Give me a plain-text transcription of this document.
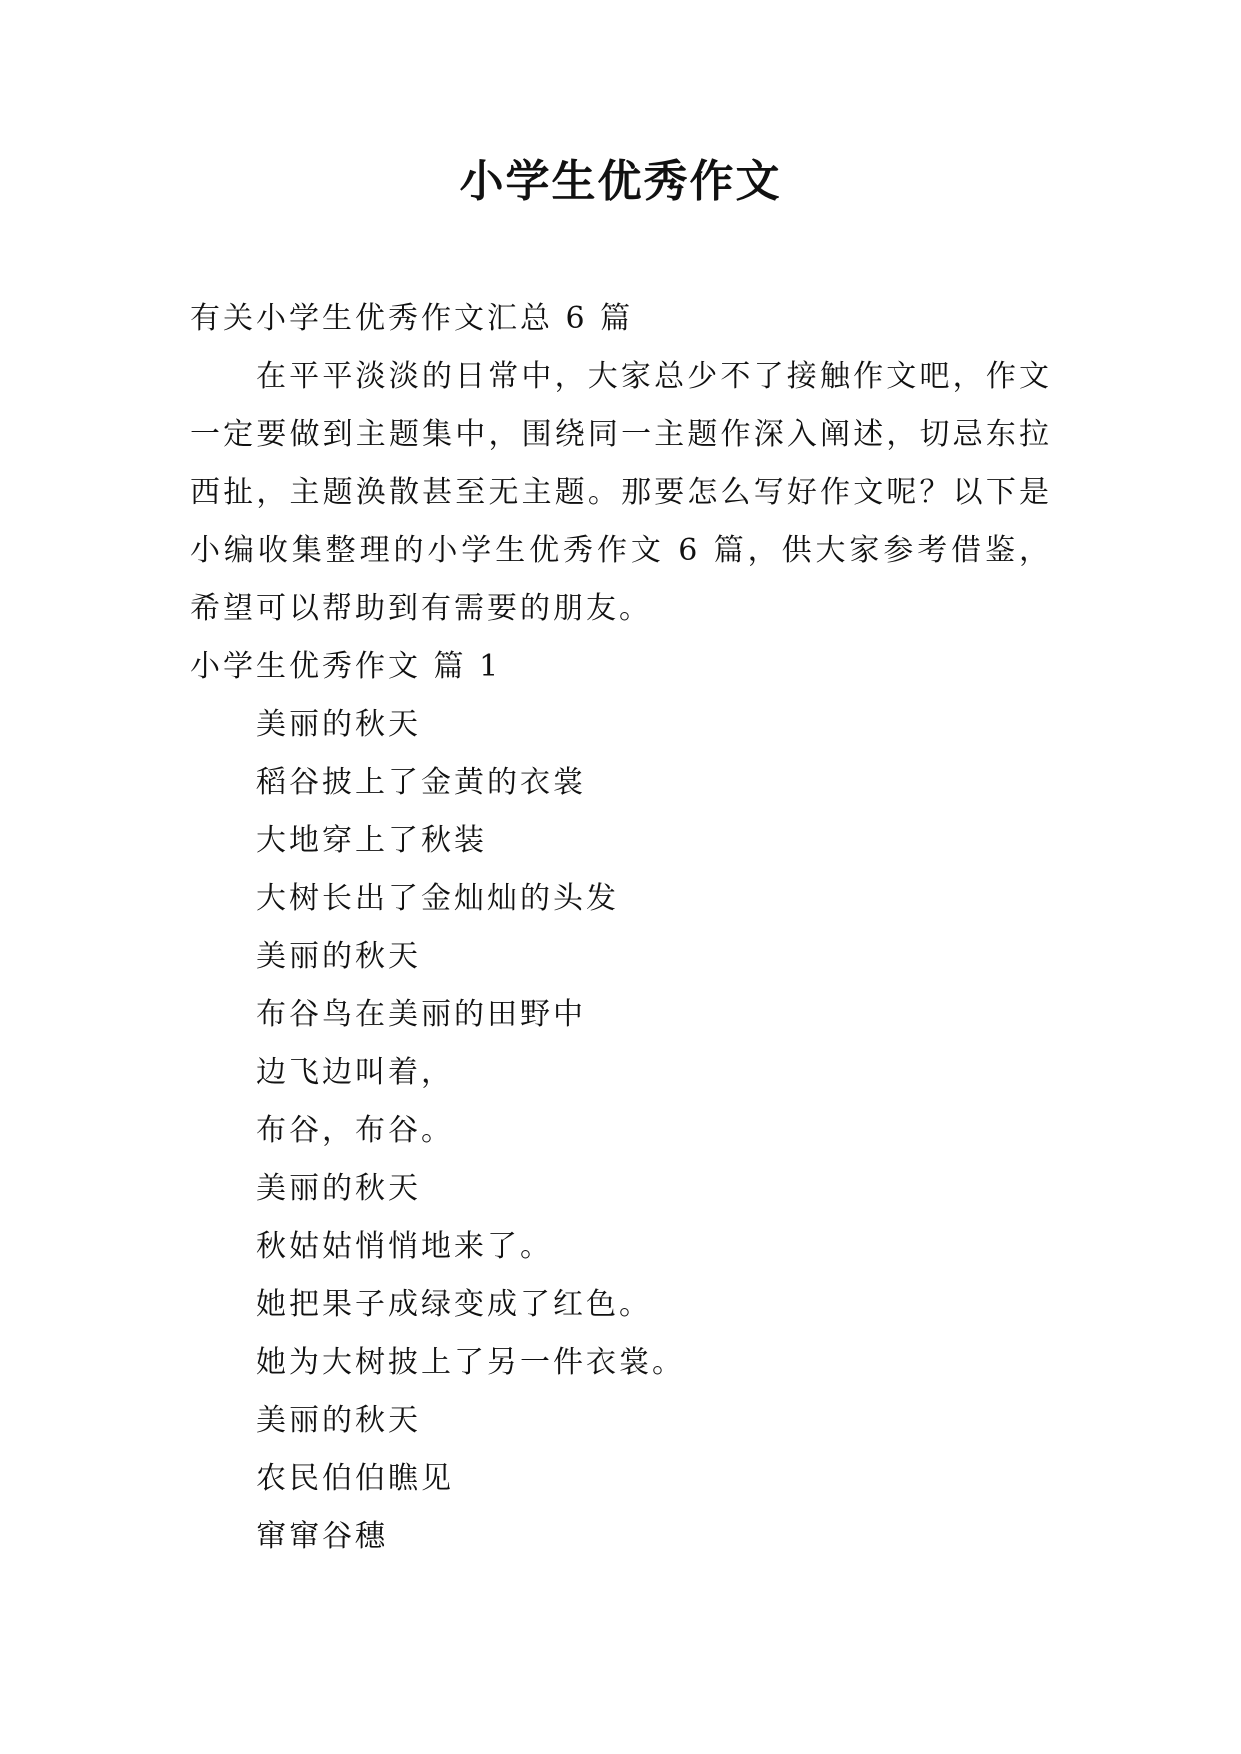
小学生优秀作文

有关小学生优秀作文汇总 6 篇

在平平淡淡的日常中，大家总少不了接触作文吧，作文一定要做到主题集中，围绕同一主题作深入阐述，切忌东拉西扯，主题涣散甚至无主题。那要怎么写好作文呢？以下是小编收集整理的小学生优秀作文 6 篇，供大家参考借鉴，希望可以帮助到有需要的朋友。

小学生优秀作文 篇 1

美丽的秋天

稻谷披上了金黄的衣裳

大地穿上了秋装

大树长出了金灿灿的头发

美丽的秋天

布谷鸟在美丽的田野中

边飞边叫着，

布谷，布谷。

美丽的秋天

秋姑姑悄悄地来了。

她把果子成绿变成了红色。

她为大树披上了另一件衣裳。

美丽的秋天

农民伯伯瞧见

窜窜谷穗
